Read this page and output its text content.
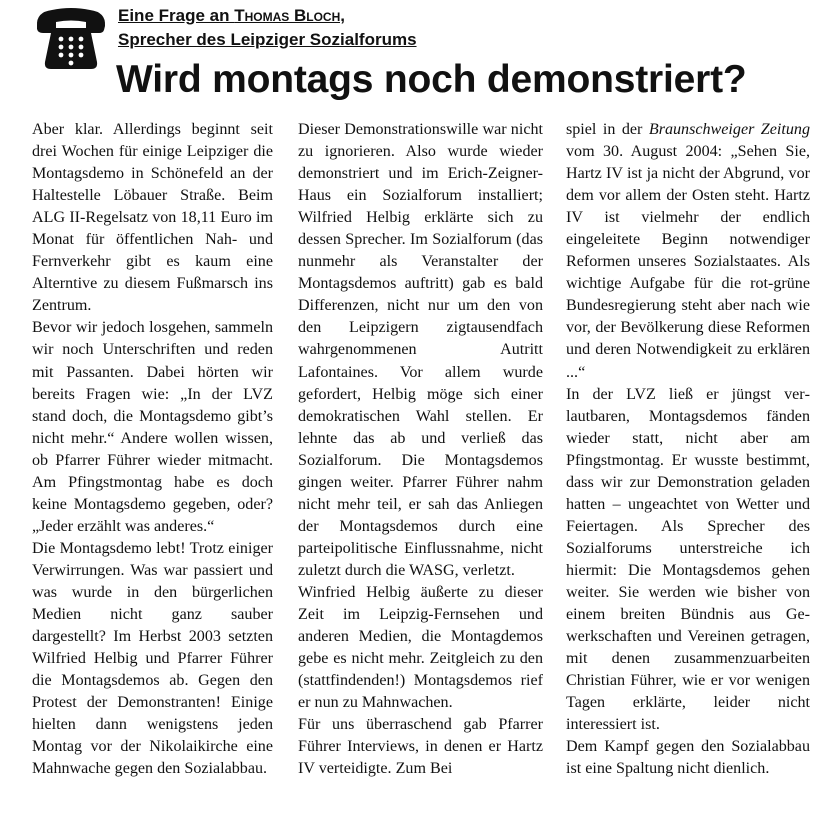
Eine Frage an Thomas Bloch,
Sprecher des Leipziger Sozialforums
Wird montags noch demonstriert?

Aber klar. Allerdings beginnt seit drei Wochen für einige Leipziger die Montagsdemo in Schönefeld an der Haltestelle Löbauer Straße. Beim ALG II-Regelsatz von 18,11 Euro im Monat für öffentlichen Nah- und Fernverkehr gibt es kaum eine Alterntive zu diesem Fußmarsch ins Zentrum.

Bevor wir jedoch losgehen, sammeln wir noch Unterschriften und reden mit Passanten. Dabei hörten wir bereits Fragen wie: „In der LVZ stand doch, die Montagsdemo gibt’s nicht mehr.“ Andere wollen wissen, ob Pfarrer Führer wieder mitmacht. Am Pfingstmontag habe es doch keine Montagsdemo gegeben, oder? „Jeder erzählt was anderes.“

Die Montagsdemo lebt! Trotz einiger Verwirrungen. Was war passiert und was wurde in den bürgerlichen Medien nicht ganz sauber dargestellt? Im Herbst 2003 setzten Wilfried Helbig und Pfarrer Führer die Montagsdemos ab. Gegen den Protest der Demonstranten! Einige hielten dann wenigstens jeden Montag vor der Nikolaikirche eine Mahnwache gegen den Sozialabbau.

Dieser Demonstrationswille war nicht zu ignorieren. Also wurde wieder demonstriert und im Erich-Zeigner-Haus ein Sozialforum installiert; Wilfried Helbig erklärte sich zu dessen Sprecher. Im Sozialforum (das nunmehr als Veranstalter der Montagsdemos auftritt) gab es bald Differenzen, nicht nur um den von den Leipzigern zigtausendfach wahrgenommenen Autritt Lafontaines. Vor allem wurde gefordert, Helbig möge sich einer demokratischen Wahl stellen. Er lehnte das ab und verließ das Sozialforum. Die Montagsdemos gingen weiter. Pfarrer Führer nahm nicht mehr teil, er sah das Anliegen der Montagsdemos durch eine parteipolitische Einflussnahme, nicht zuletzt durch die WASG, verletzt.

Winfried Helbig äußerte zu dieser Zeit im Leipzig-Fernsehen und anderen Medien, die Montagdemos gebe es nicht mehr. Zeitgleich zu den (stattfindenden!) Montagsdemos rief er nun zu Mahnwachen.

Für uns überraschend gab Pfarrer Führer Interviews, in denen er Hartz IV verteidigte. Zum Bei

spiel in der Braunschweiger Zeitung vom 30. August 2004: „Sehen Sie, Hartz IV ist ja nicht der Abgrund, vor dem vor allem der Osten steht. Hartz IV ist vielmehr der endlich eingeleitete Beginn notwendiger Reformen unseres Sozialstaates. Als wichtige Aufgabe für die rot-grüne Bundesregierung steht aber nach wie vor, der Bevölkerung diese Reformen und deren Notwendigkeit zu erklären ...“

In der LVZ ließ er jüngst verlautbaren, Montagsdemos fänden wieder statt, nicht aber am Pfingstmontag. Er wusste bestimmt, dass wir zur Demonstration geladen hatten – ungeachtet von Wetter und Feiertagen. Als Sprecher des Sozialforums unterstreiche ich hiermit: Die Montagsdemos gehen weiter. Sie werden wie bisher von einem breiten Bündnis aus Gewerkschaften und Vereinen getragen, mit denen zusammenzuarbeiten Christian Führer, wie er vor wenigen Tagen erklärte, leider nicht interessiert ist.

Dem Kampf gegen den Sozialabbau ist eine Spaltung nicht dienlich.
